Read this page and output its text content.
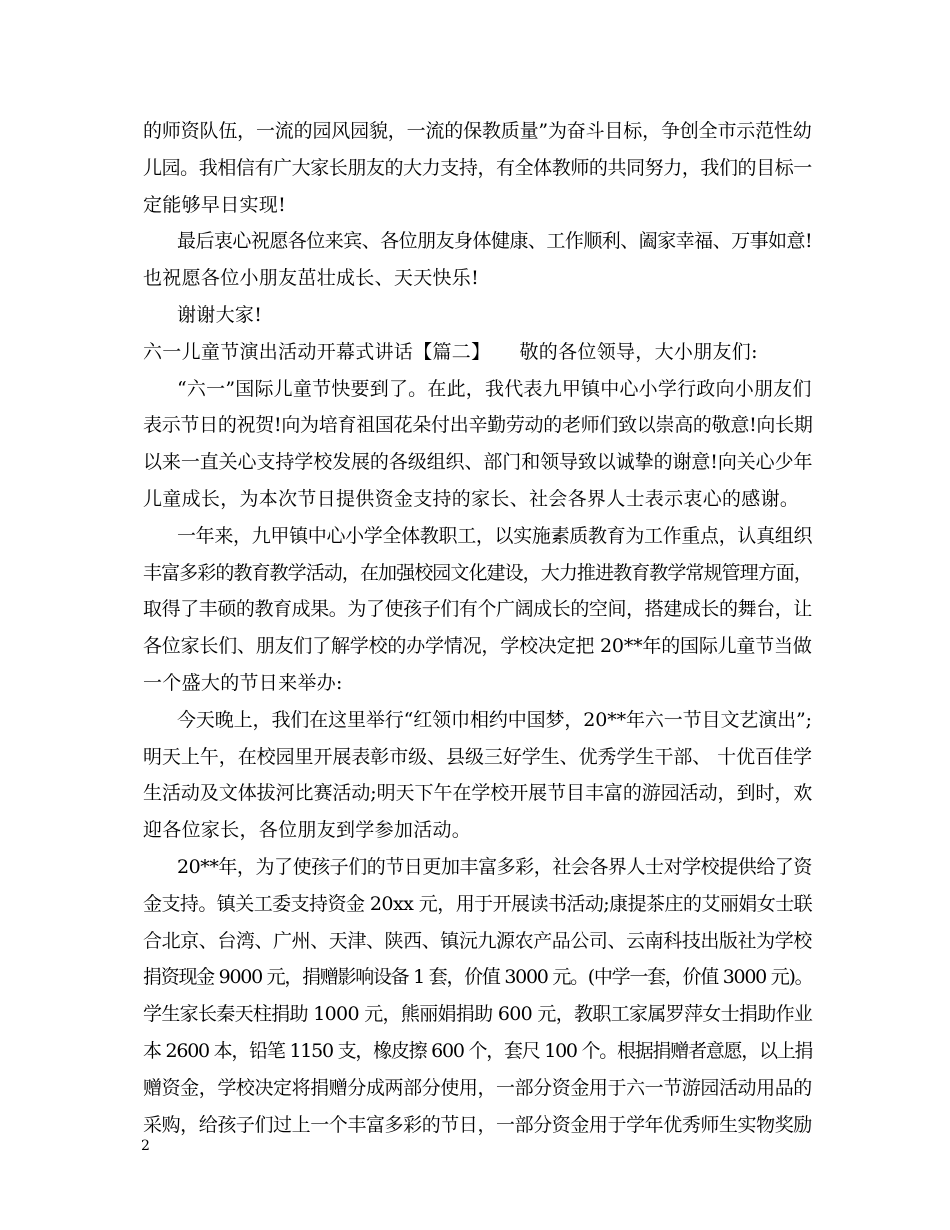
的师资队伍，一流的园风园貌，一流的保教质量”为奋斗目标，争创全市示范性幼
儿园。我相信有广大家长朋友的大力支持，有全体教师的共同努力，我们的目标一
定能够早日实现!
最后衷心祝愿各位来宾、各位朋友身体健康、工作顺利、阖家幸福、万事如意!
也祝愿各位小朋友茁壮成长、天天快乐!
谢谢大家!
六一儿童节演出活动开幕式讲话【篇二】　　敬的各位领导，大小朋友们:
“六一”国际儿童节快要到了。在此，我代表九甲镇中心小学行政向小朋友们
表示节日的祝贺!向为培育祖国花朵付出辛勤劳动的老师们致以崇高的敬意!向长期
以来一直关心支持学校发展的各级组织、部门和领导致以诚挚的谢意!向关心少年
儿童成长，为本次节日提供资金支持的家长、社会各界人士表示衷心的感谢。
一年来，九甲镇中心小学全体教职工，以实施素质教育为工作重点，认真组织
丰富多彩的教育教学活动，在加强校园文化建设，大力推进教育教学常规管理方面，
取得了丰硕的教育成果。为了使孩子们有个广阔成长的空间，搭建成长的舞台，让
各位家长们、朋友们了解学校的办学情况，学校决定把 20**年的国际儿童节当做
一个盛大的节日来举办:
今天晚上，我们在这里举行“红领巾相约中国梦，20**年六一节目文艺演出”;
明天上午，在校园里开展表彰市级、县级三好学生、优秀学生干部、 十优百佳学
生活动及文体拔河比赛活动;明天下午在学校开展节目丰富的游园活动，到时，欢
迎各位家长，各位朋友到学参加活动。
20**年，为了使孩子们的节日更加丰富多彩，社会各界人士对学校提供给了资
金支持。镇关工委支持资金 20xx 元，用于开展读书活动;康提茶庄的艾丽娟女士联
合北京、台湾、广州、天津、陕西、镇沅九源农产品公司、云南科技出版社为学校
捐资现金 9000 元，捐赠影响设备 1 套，价值 3000 元。(中学一套，价值 3000 元)。
学生家长秦天柱捐助 1000 元，熊丽娟捐助 600 元，教职工家属罗萍女士捐助作业
本 2600 本，铅笔 1150 支，橡皮擦 600 个，套尺 100 个。根据捐赠者意愿，以上捐
赠资金，学校决定将捐赠分成两部分使用，一部分资金用于六一节游园活动用品的
采购，给孩子们过上一个丰富多彩的节日，一部分资金用于学年优秀师生实物奖励
2
